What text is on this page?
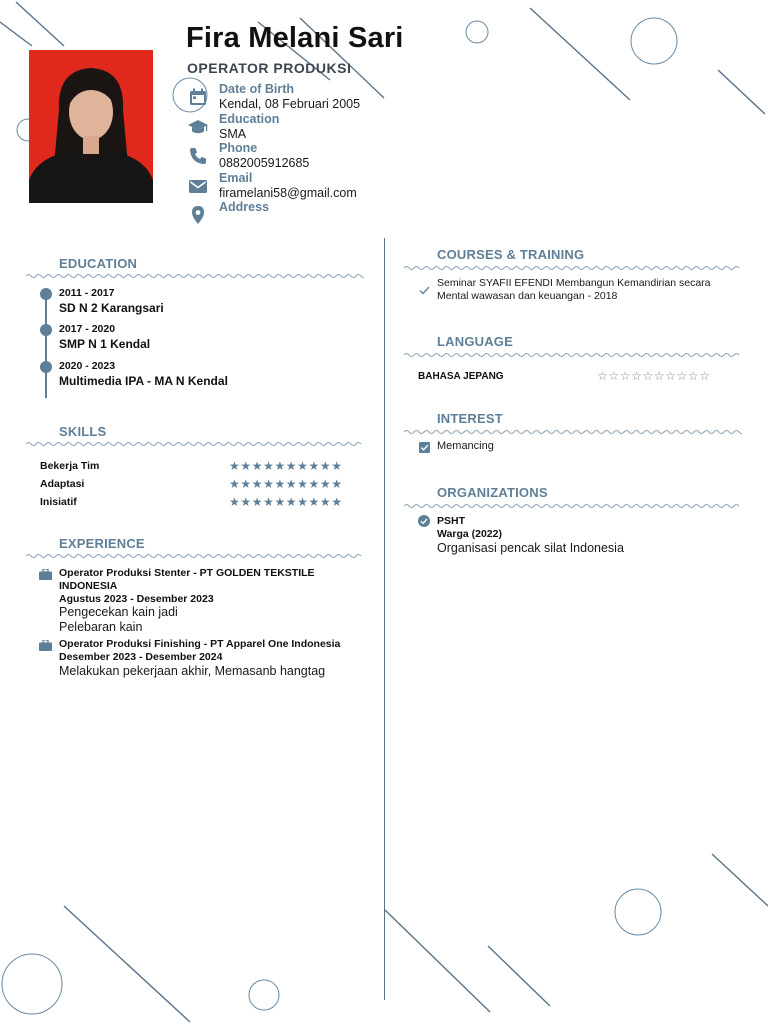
Fira Melani Sari
OPERATOR PRODUKSI
Date of Birth
Kendal, 08 Februari 2005
Education
SMA
Phone
0882005912685
Email
firamelani58@gmail.com
Address
EDUCATION
2011 - 2017
SD N 2 Karangsari
2017 - 2020
SMP N 1 Kendal
2020 - 2023
Multimedia IPA - MA N Kendal
SKILLS
Bekerja Tim	★★★★★★★★★★
Adaptasi	★★★★★★★★★★
Inisiatif	★★★★★★★★★★
EXPERIENCE
Operator Produksi Stenter - PT GOLDEN TEKSTILE INDONESIA
Agustus 2023 - Desember 2023
Pengecekan kain jadi
Pelebaran kain
Operator Produksi Finishing - PT Apparel One Indonesia
Desember 2023 - Desember 2024
Melakukan pekerjaan akhir, Memasanb hangtag
COURSES & TRAINING
Seminar SYAFII EFENDI Membangun Kemandirian secara Mental wawasan dan keuangan - 2018
LANGUAGE
BAHASA JEPANG	☆☆☆☆☆☆☆☆☆☆
INTEREST
Memancing
ORGANIZATIONS
PSHT
Warga (2022)
Organisasi pencak silat Indonesia
